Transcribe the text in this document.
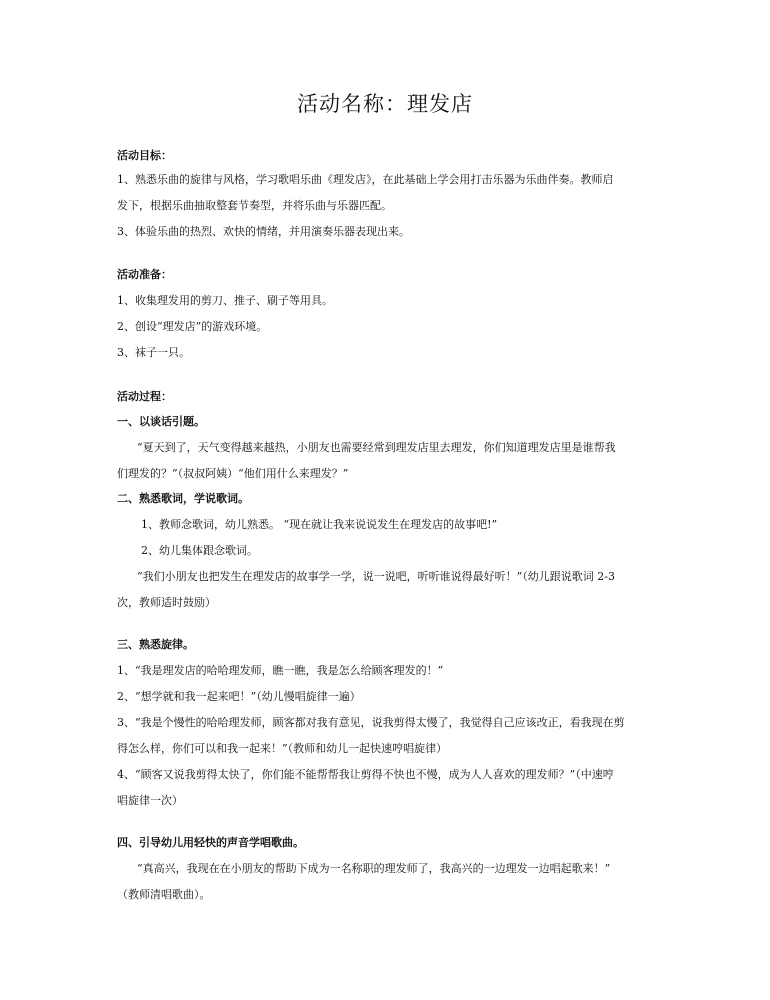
活动名称：理发店
活动目标：
1、熟悉乐曲的旋律与风格，学习歌唱乐曲《理发店》，在此基础上学会用打击乐器为乐曲伴奏。教师启
发下，根据乐曲抽取整套节奏型，并将乐曲与乐器匹配。
3、体验乐曲的热烈、欢快的情绪，并用演奏乐器表现出来。
活动准备：
1、收集理发用的剪刀、推子、刷子等用具。
2、创设“理发店”的游戏环境。
3、袜子一只。
活动过程：
一、以谈话引题。
“夏天到了，天气变得越来越热，小朋友也需要经常到理发店里去理发，你们知道理发店里是谁帮我
们理发的？”（叔叔阿姨）“他们用什么来理发？”
二、熟悉歌词，学说歌词。
1、教师念歌词，幼儿熟悉。 “现在就让我来说说发生在理发店的故事吧!”
2、幼儿集体跟念歌词。
“我们小朋友也把发生在理发店的故事学一学，说一说吧，听听谁说得最好听！”（幼儿跟说歌词 2-3
次，教师适时鼓励）
三、熟悉旋律。
1、“我是理发店的哈哈理发师，瞧一瞧，我是怎么给顾客理发的！”
2、“想学就和我一起来吧！”（幼儿慢唱旋律一遍）
3、“我是个慢性的哈哈理发师，顾客都对我有意见，说我剪得太慢了，我觉得自己应该改正，看我现在剪
得怎么样，你们可以和我一起来！”（教师和幼儿一起快速哼唱旋律）
4、“顾客又说我剪得太快了，你们能不能帮帮我让剪得不快也不慢，成为人人喜欢的理发师？”（中速哼
唱旋律一次）
四、引导幼儿用轻快的声音学唱歌曲。
“真高兴，我现在在小朋友的帮助下成为一名称职的理发师了，我高兴的一边理发一边唱起歌来！”
（教师清唱歌曲）。
